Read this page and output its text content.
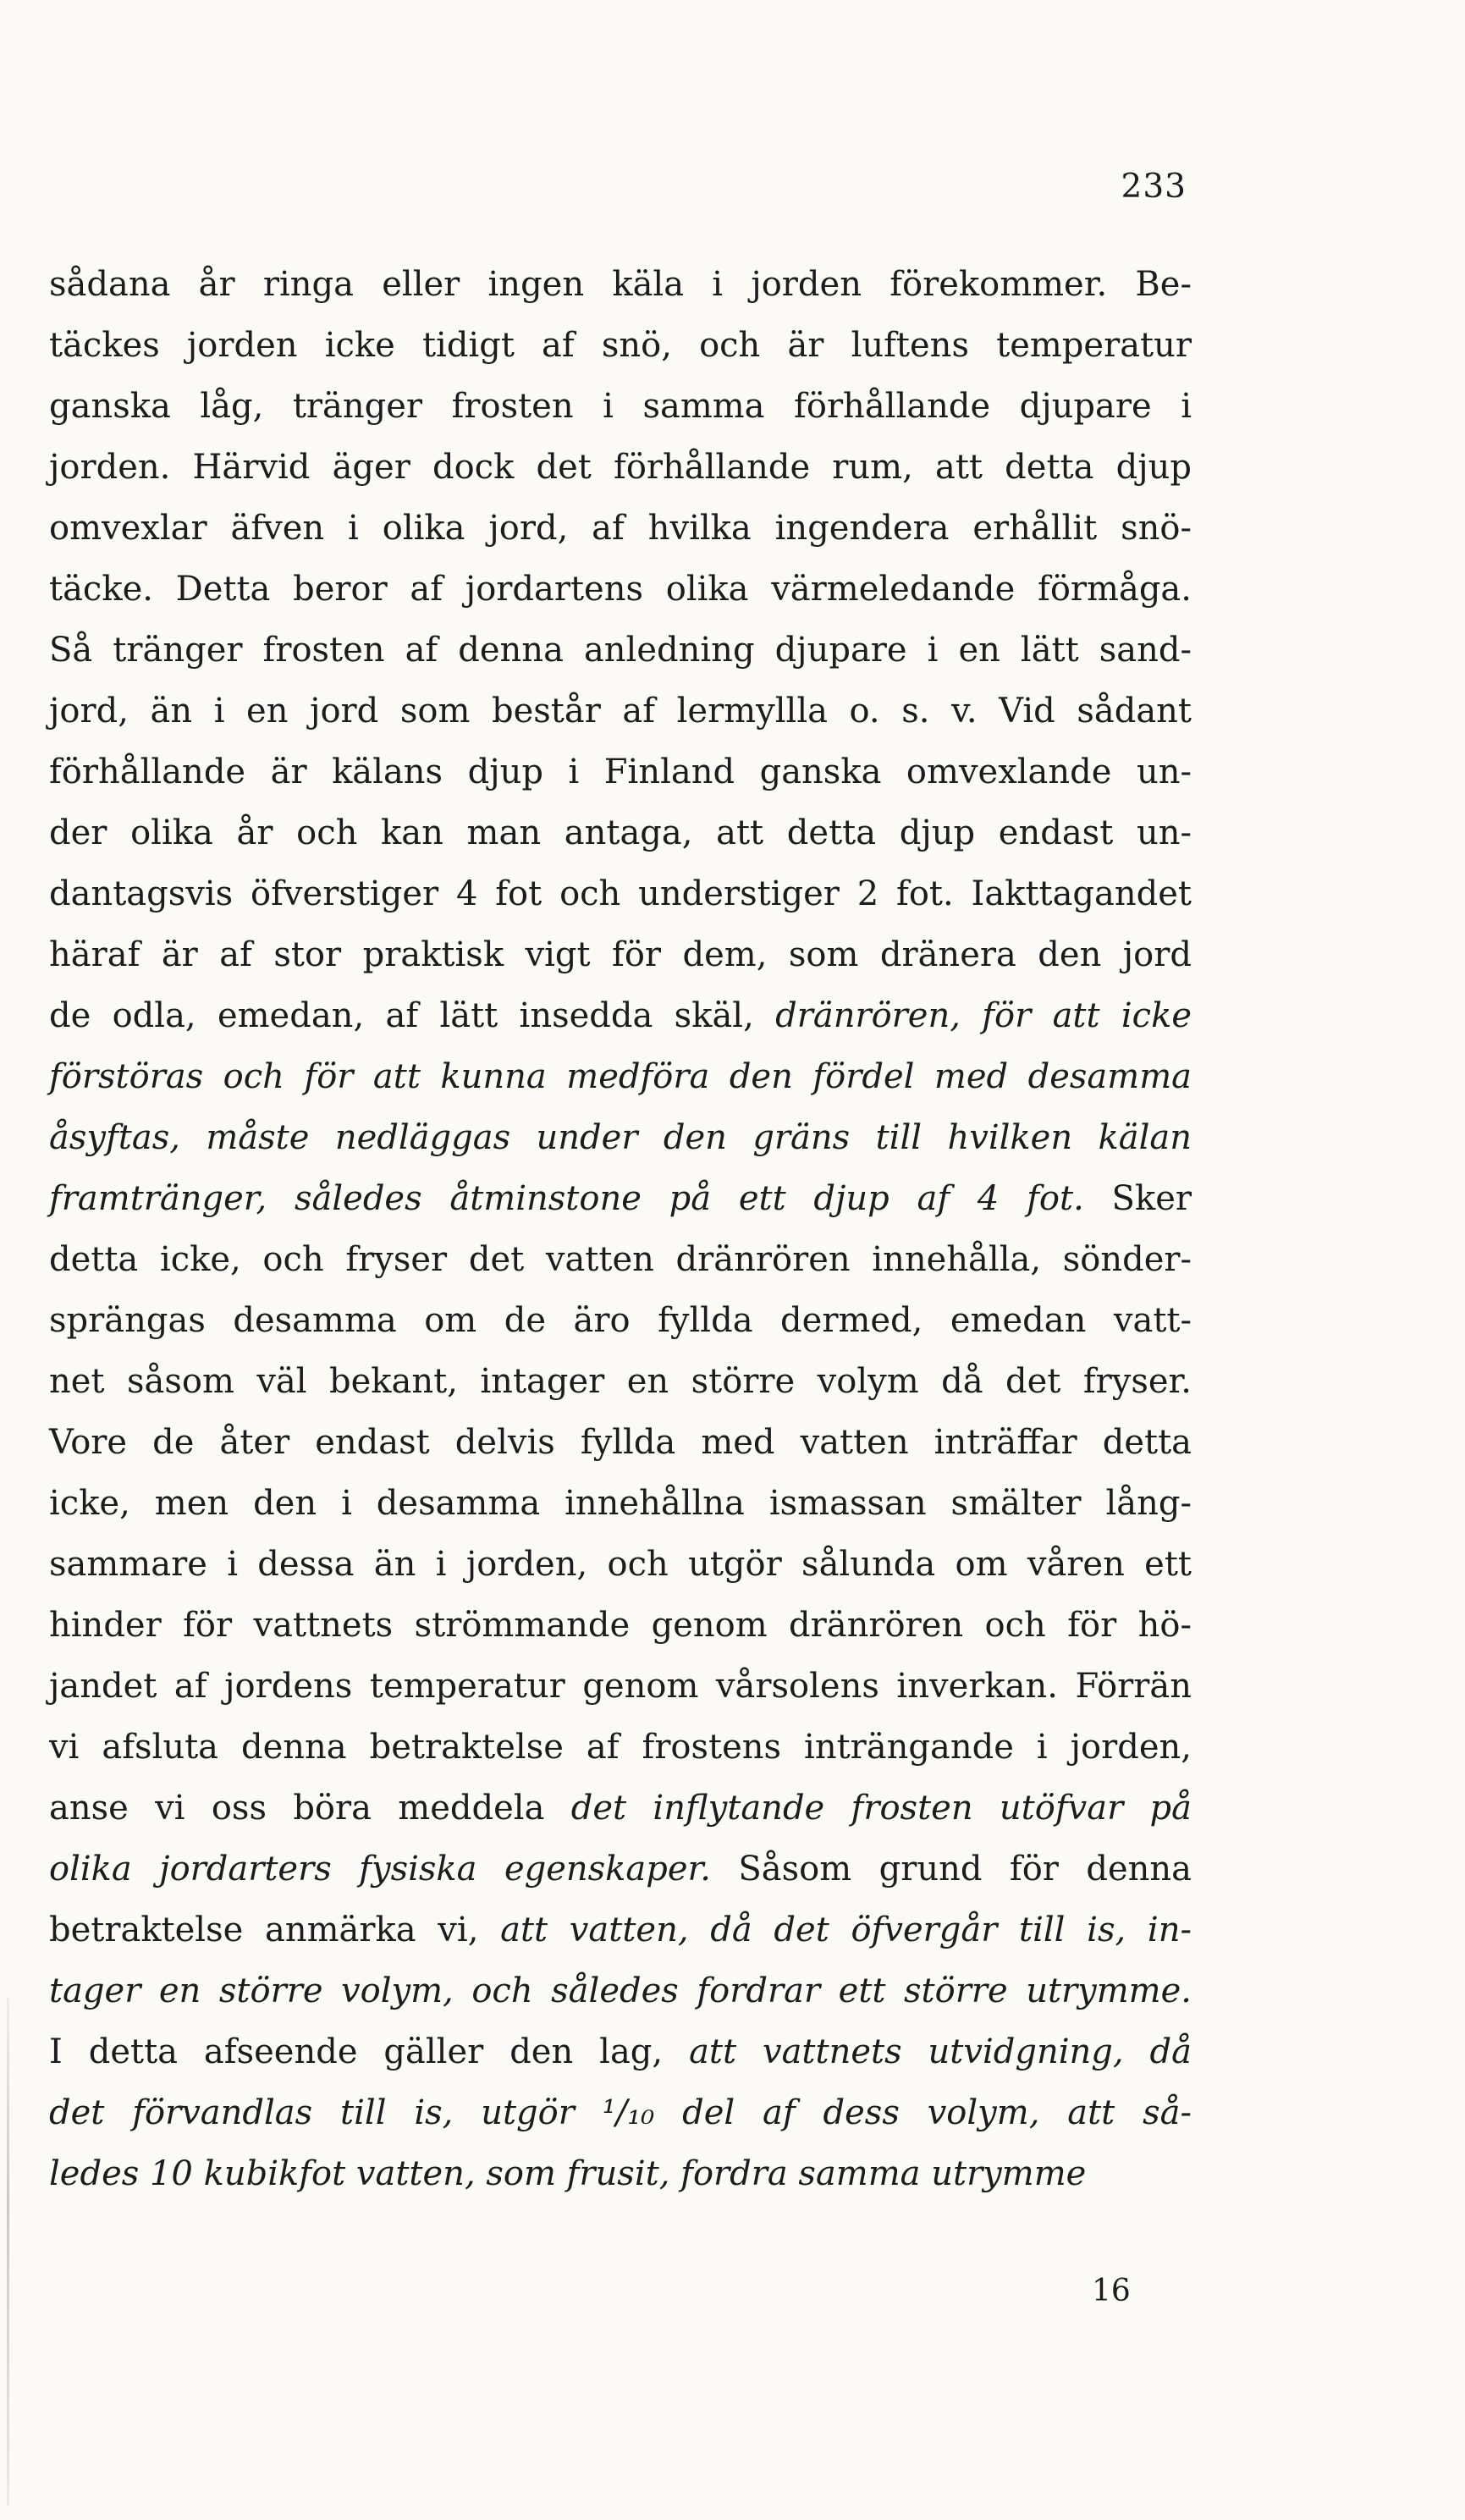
233
sådana år ringa eller ingen käla i jorden förekommer. Be-
täckes jorden icke tidigt af snö, och är luftens temperatur
ganska låg, tränger frosten i samma förhållande djupare i
jorden. Härvid äger dock det förhållande rum, att detta djup
omvexlar äfven i olika jord, af hvilka ingendera erhållit snö-
täcke. Detta beror af jordartens olika värmeledande förmåga.
Så tränger frosten af denna anledning djupare i en lätt sand-
jord, än i en jord som består af lermyllla o. s. v. Vid sådant
förhållande är kälans djup i Finland ganska omvexlande un-
der olika år och kan man antaga, att detta djup endast un-
dantagsvis öfverstiger 4 fot och understiger 2 fot. Iakttagandet
häraf är af stor praktisk vigt för dem, som dränera den jord
de odla, emedan, af lätt insedda skäl, dränrören, för att icke
förstöras och för att kunna medföra den fördel med desamma
åsyftas, måste nedläggas under den gräns till hvilken kälan
framtränger, således åtminstone på ett djup af 4 fot. Sker
detta icke, och fryser det vatten dränrören innehålla, sönder-
sprängas desamma om de äro fyllda dermed, emedan vatt-
net såsom väl bekant, intager en större volym då det fryser.
Vore de åter endast delvis fyllda med vatten inträffar detta
icke, men den i desamma innehållna ismassan smälter lång-
sammare i dessa än i jorden, och utgör sålunda om våren ett
hinder för vattnets strömmande genom dränrören och för hö-
jandet af jordens temperatur genom vårsolens inverkan. Förrän
vi afsluta denna betraktelse af frostens inträngande i jorden,
anse vi oss böra meddela det inflytande frosten utöfvar på
olika jordarters fysiska egenskaper. Såsom grund för denna
betraktelse anmärka vi, att vatten, då det öfvergår till is, in-
tager en större volym, och således fordrar ett större utrymme.
I detta afseende gäller den lag, att vattnets utvidgning, då
det förvandlas till is, utgör ¹/₁₀ del af dess volym, att så-
ledes 10 kubikfot vatten, som frusit, fordra samma utrymme
16
